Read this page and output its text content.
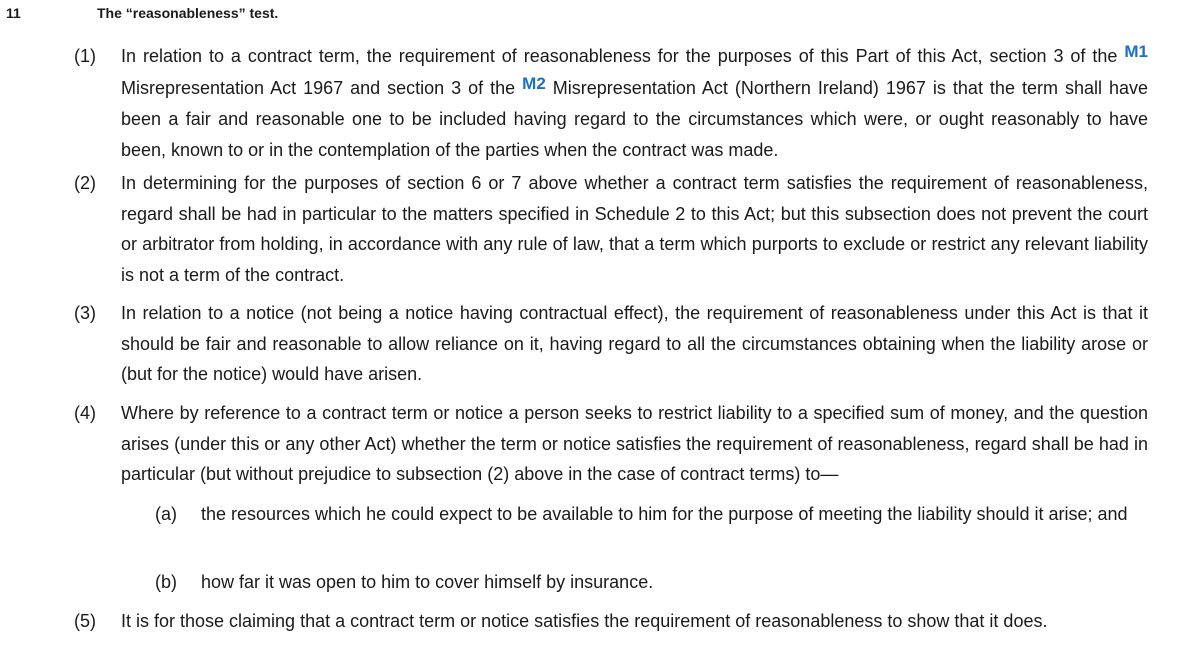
11	The “reasonableness” test.
(1) In relation to a contract term, the requirement of reasonableness for the purposes of this Part of this Act, section 3 of the M1 Misrepresentation Act 1967 and section 3 of the M2 Misrepresentation Act (Northern Ireland) 1967 is that the term shall have been a fair and reasonable one to be included having regard to the circumstances which were, or ought reasonably to have been, known to or in the contemplation of the parties when the contract was made.
(2) In determining for the purposes of section 6 or 7 above whether a contract term satisfies the requirement of reasonableness, regard shall be had in particular to the matters specified in Schedule 2 to this Act; but this subsection does not prevent the court or arbitrator from holding, in accordance with any rule of law, that a term which purports to exclude or restrict any relevant liability is not a term of the contract.
(3) In relation to a notice (not being a notice having contractual effect), the requirement of reasonableness under this Act is that it should be fair and reasonable to allow reliance on it, having regard to all the circumstances obtaining when the liability arose or (but for the notice) would have arisen.
(4) Where by reference to a contract term or notice a person seeks to restrict liability to a specified sum of money, and the question arises (under this or any other Act) whether the term or notice satisfies the requirement of reasonableness, regard shall be had in particular (but without prejudice to subsection (2) above in the case of contract terms) to—
(a) the resources which he could expect to be available to him for the purpose of meeting the liability should it arise; and
(b) how far it was open to him to cover himself by insurance.
(5) It is for those claiming that a contract term or notice satisfies the requirement of reasonableness to show that it does.
